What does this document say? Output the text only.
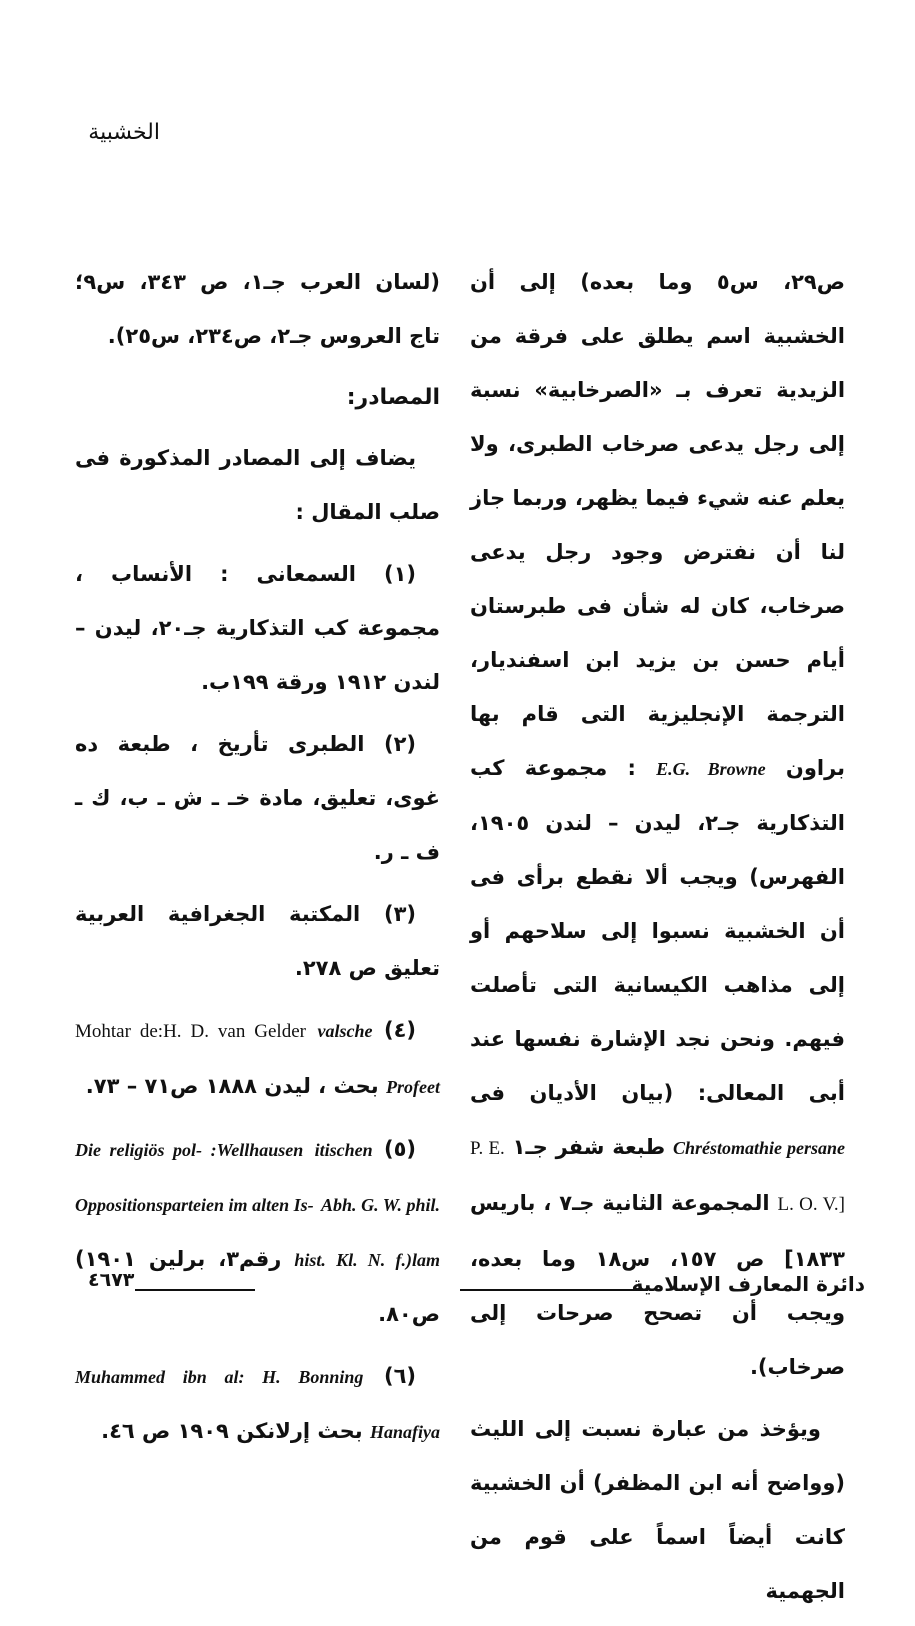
الخشبية

ص٢٩، س٥ وما بعده) إلى أن الخشبية اسم يطلق على فرقة من الزيدية تعرف بـ «الصرخابية» نسبة إلى رجل يدعى صرخاب الطبرى، ولا يعلم عنه شيء فيما يظهر، وربما جاز لنا أن نفترض وجود رجل يدعى صرخاب، كان له شأن فى طبرستان أيام حسن بن يزيد ابن اسفنديار، الترجمة الإنجليزية التى قام بها براون E.G. Browne : مجموعة كب التذكارية جـ٢، ليدن – لندن ١٩٠٥، الفهرس) ويجب ألا نقطع برأى فى أن الخشبية نسبوا إلى سلاحهم أو إلى مذاهب الكيسانية التى تأصلت فيهم. ونحن نجد الإشارة نفسها عند أبى المعالى: (بيان الأديان فى Chréstomathie persane طبعة شفر جـ١ P. E. L. O. V.] المجموعة الثانية جـ٧ ، باريس ١٨٣٣] ص ١٥٧، س١٨ وما بعده، ويجب أن تصحح صرحات إلى صرخاب).

ويؤخذ من عبارة نسبت إلى الليث (وواضح أنه ابن المظفر) أن الخشبية كانت أيضاً اسماً على قوم من الجهمية

(لسان العرب جـ١، ص ٣٤٣، س٩؛ تاج العروس جـ٢، ص٢٣٤، س٢٥).

المصادر:

يضاف إلى المصادر المذكورة فى صلب المقال :

(١) السمعانى : الأنساب ، مجموعة كب التذكارية جـ٢٠، ليدن – لندن ١٩١٢ ورقة ١٩٩ب.

(٢) الطبرى تأريخ ، طبعة ده غوى، تعليق، مادة خـ ـ ش ـ ب، ك ـ ف ـ ر.

(٣) المكتبة الجغرافية العربية تعليق ص ٢٧٨.

(٤) Mohtar de:H. D. van Gelder valsche Profeet بحث ، ليدن ١٨٨٨ ص٧١ – ٧٣.

(٥) Die religiös pol- :Wellhausen itischen Oppositionsparteien im alten Is- Abh. G. W. phil. hist. Kl. N. f.)lam رقم٣، برلين ١٩٠١) ص٨٠.

(٦) Muhammed ibn al: H. Bonning Hanafiya بحث إرلانكن ١٩٠٩ ص ٤٦.

٤٦٧٣	دائرة المعارف الإسلامية
